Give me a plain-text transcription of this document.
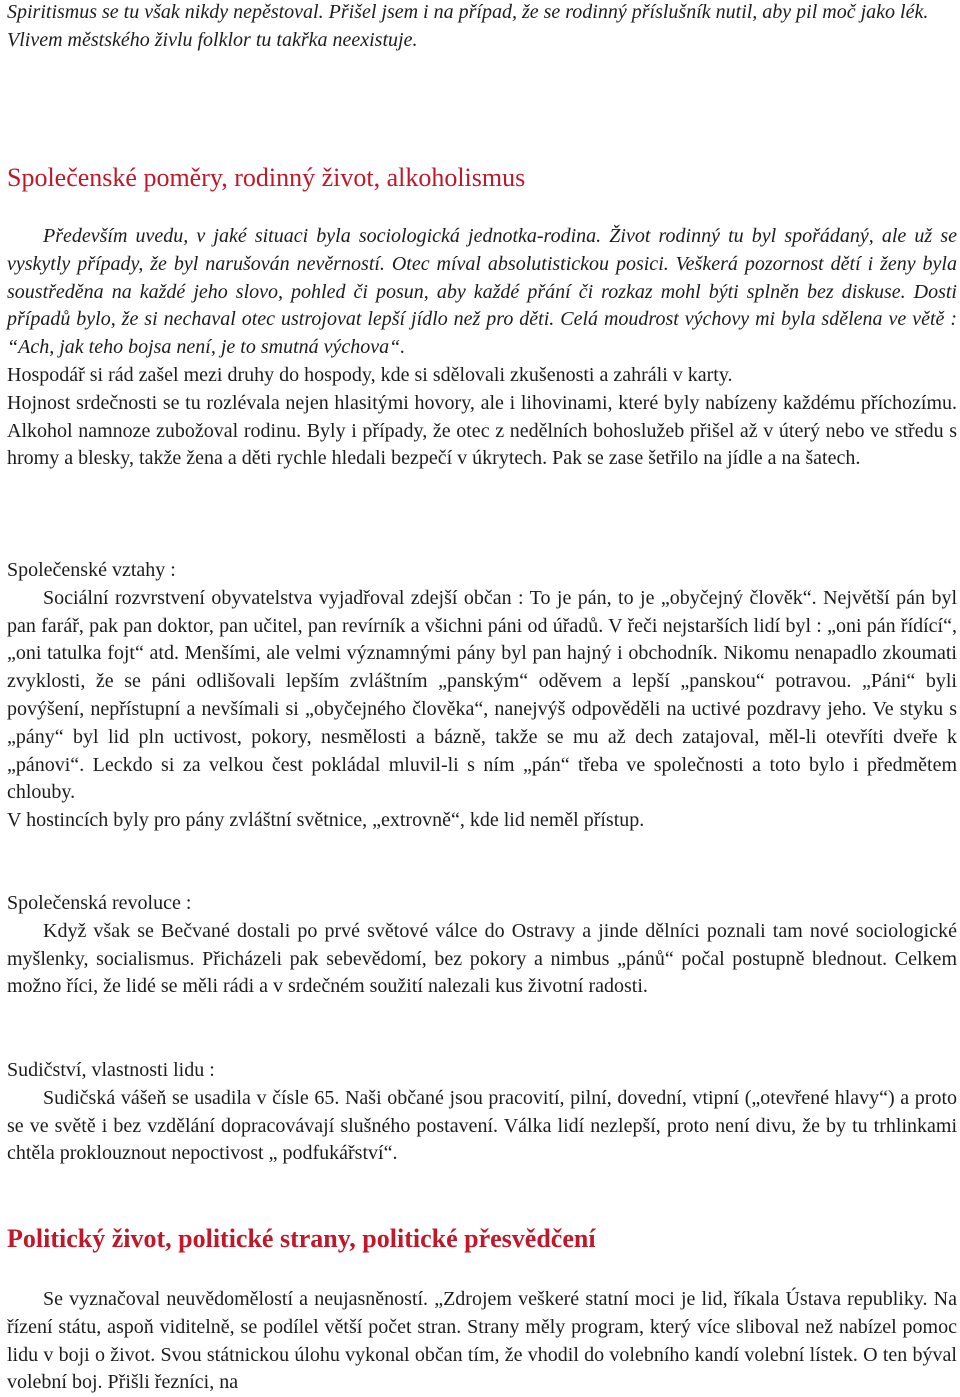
Spiritismus se tu však nikdy nepěstoval. Přišel jsem i na případ, že se rodinný příslušník nutil, aby pil moč jako lék.

Vlivem městského živlu folklor tu takřka neexistuje.

Společenské poměry, rodinný život, alkoholismus

Především uvedu, v jaké situaci byla sociologická jednotka-rodina. Život rodinný tu byl spořádaný, ale už se vyskytly případy, že byl narušován nevěrností. Otec míval absolutistickou posici. Veškerá pozornost dětí i ženy byla soustředěna na každé jeho slovo, pohled či posun, aby každé přání či rozkaz mohl býti splněn bez diskuse. Dosti případů bylo, že si nechaval otec ustrojovat lepší jídlo než pro děti. Celá moudrost výchovy mi byla sdělena ve větě : “Ach, jak teho bojsa není, je to smutná výchova“.

Hospodář si rád zašel mezi druhy do hospody, kde si sdělovali zkušenosti a zahráli v karty.

Hojnost srdečnosti se tu rozlévala nejen hlasitými hovory, ale i lihovinami, které byly nabízeny každému příchozímu. Alkohol namnoze zubožoval rodinu. Byly i případy, že otec z nedělních bohoslužeb přišel až v úterý nebo ve středu s hromy a blesky, takže žena a děti rychle hledali bezpečí v úkrytech. Pak se zase šetřilo na jídle a na šatech.

Společenské vztahy :

Sociální rozvrstvení obyvatelstva vyjadřoval zdejší občan : To je pán, to je „obyčejný člověk“. Největší pán byl pan farář, pak pan doktor, pan učitel, pan revírník a všichni páni od úřadů. V řeči nejstarších lidí byl : „oni pán řídící“, „oni tatulka fojt“ atd. Menšími, ale velmi významnými pány byl pan hajný i obchodník. Nikomu nenapadlo zkoumati zvyklosti, že se páni odlišovali lepším zvláštním „panským“ oděvem a lepší „panskou“ potravou. „Páni“ byli povýšení, nepřístupní a nevšímali si „obyčejného člověka“, nanejvýš odpověděli na uctivé pozdravy jeho. Ve styku s „pány“ byl lid pln uctivost, pokory, nesmělosti a bázně, takže se mu až dech zatajoval, měl-li otevříti dveře k „pánovi“. Leckdo si za velkou čest pokládal mluvil-li s ním „pán“ třeba ve společnosti a toto bylo i předmětem chlouby.

V hostincích byly pro pány zvláštní světnice, „extrovně“, kde lid neměl přístup.

Společenská revoluce :

Když však se Bečvané dostali po prvé světové válce do Ostravy a jinde dělníci poznali tam nové sociologické myšlenky, socialismus. Přicházeli pak sebevědomí, bez pokory a nimbus „pánů“ počal postupně blednout. Celkem možno říci, že lidé se měli rádi a v srdečném soužití nalezali kus životní radosti.

Sudičství, vlastnosti lidu :

Sudičská vášeň se usadila v čísle 65. Naši občané jsou pracovití, pilní, dovední, vtipní („otevřené hlavy“) a proto se ve světě i bez vzdělání dopracovávají slušného postavení. Válka lidí nezlepší, proto není divu, že by tu trhlinkami chtěla proklouznout nepoctivost „ podfukářství“.

Politický život, politické strany, politické přesvědčení

Se vyznačoval neuvědomělostí a neujasněností. „Zdrojem veškeré statní moci je lid, říkala Ústava republiky. Na řízení státu, aspoň viditelně, se podílel větší počet stran. Strany měly program, který více sliboval než nabízel pomoc lidu v boji o život. Svou státnickou úlohu vykonal občan tím, že vhodil do volebního kandí volební lístek. O ten býval volební boj. Přišli řezníci, na
